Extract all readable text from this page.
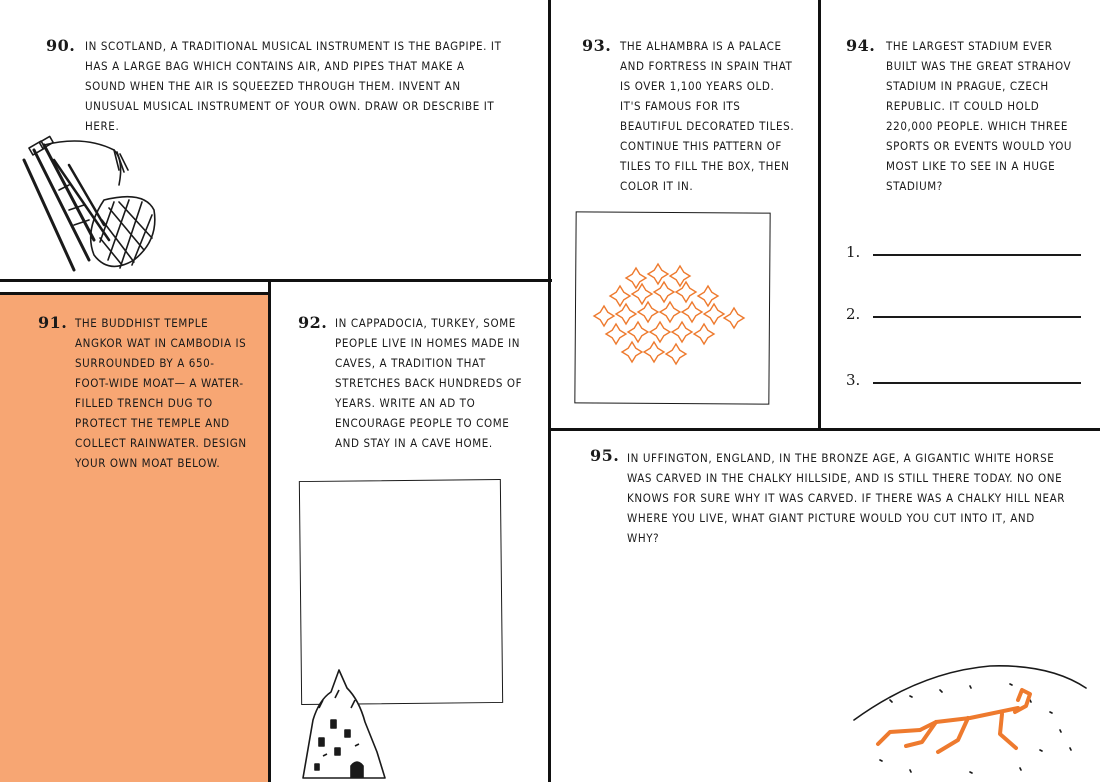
90. IN SCOTLAND, A TRADITIONAL MUSICAL INSTRUMENT IS THE BAGPIPE. IT HAS A LARGE BAG WHICH CONTAINS AIR, AND PIPES THAT MAKE A SOUND WHEN THE AIR IS SQUEEZED THROUGH THEM. INVENT AN UNUSUAL MUSICAL INSTRUMENT OF YOUR OWN. DRAW OR DESCRIBE IT HERE.

91. THE BUDDHIST TEMPLE ANGKOR WAT IN CAMBODIA IS SURROUNDED BY A 650-FOOT-WIDE MOAT— A WATER-FILLED TRENCH DUG TO PROTECT THE TEMPLE AND COLLECT RAINWATER. DESIGN YOUR OWN MOAT BELOW.

92. IN CAPPADOCIA, TURKEY, SOME PEOPLE LIVE IN HOMES MADE IN CAVES, A TRADITION THAT STRETCHES BACK HUNDREDS OF YEARS. WRITE AN AD TO ENCOURAGE PEOPLE TO COME AND STAY IN A CAVE HOME.

93. THE ALHAMBRA IS A PALACE AND FORTRESS IN SPAIN THAT IS OVER 1,100 YEARS OLD. IT'S FAMOUS FOR ITS BEAUTIFUL DECORATED TILES. CONTINUE THIS PATTERN OF TILES TO FILL THE BOX, THEN COLOR IT IN.

94. THE LARGEST STADIUM EVER BUILT WAS THE GREAT STRAHOV STADIUM IN PRAGUE, CZECH REPUBLIC. IT COULD HOLD 220,000 PEOPLE. WHICH THREE SPORTS OR EVENTS WOULD YOU MOST LIKE TO SEE IN A HUGE STADIUM?

1.
2.
3.
95. IN UFFINGTON, ENGLAND, IN THE BRONZE AGE, A GIGANTIC WHITE HORSE WAS CARVED IN THE CHALKY HILLSIDE, AND IS STILL THERE TODAY. NO ONE KNOWS FOR SURE WHY IT WAS CARVED. IF THERE WAS A CHALKY HILL NEAR WHERE YOU LIVE, WHAT GIANT PICTURE WOULD YOU CUT INTO IT, AND WHY?
